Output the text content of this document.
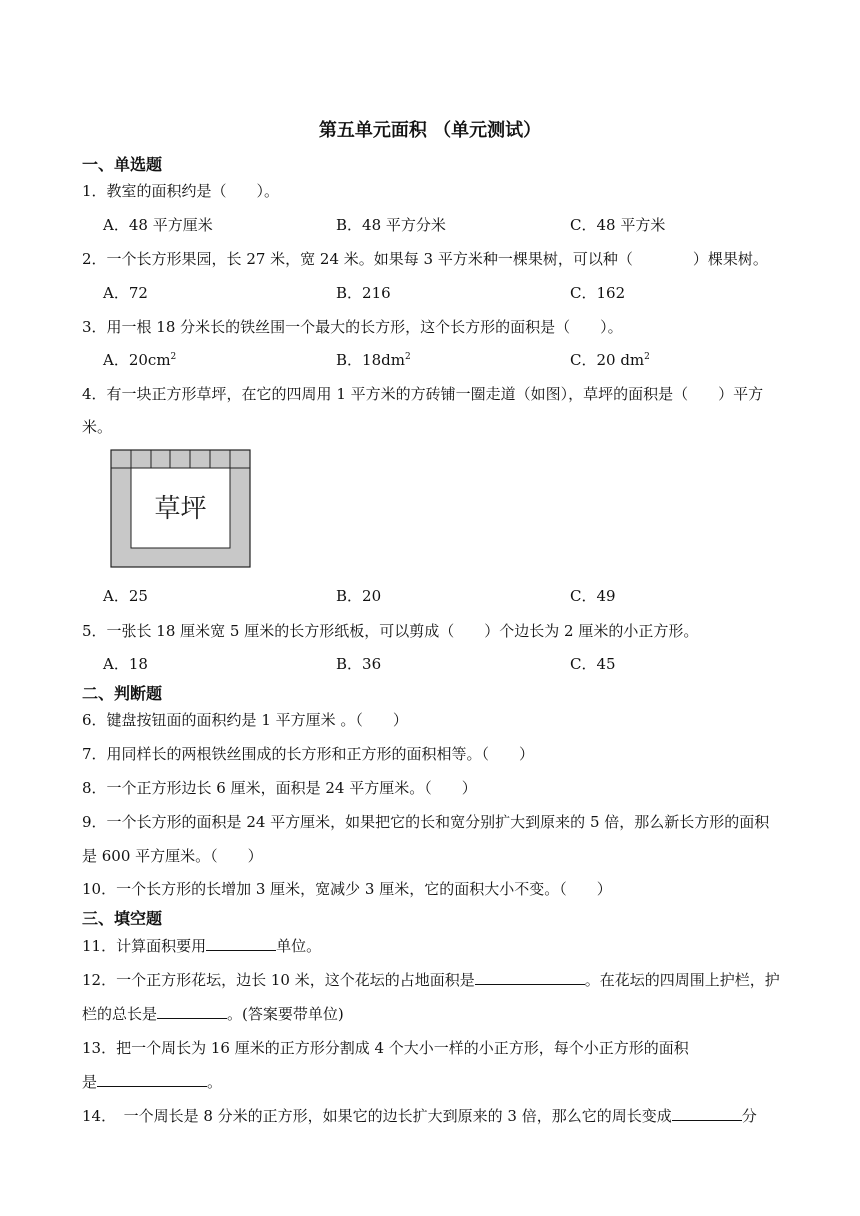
第五单元面积 （单元测试）
一、单选题
1．教室的面积约是（　　）。
A．48 平方厘米	B．48 平方分米	C．48 平方米
2．一个长方形果园，长 27 米，宽 24 米。如果每 3 平方米种一棵果树，可以种（　　　　）棵果树。
A．72	B．216	C．162
3．用一根 18 分米长的铁丝围一个最大的长方形，这个长方形的面积是（　　）。
A．$20cm^2$	B．$18dm^2$	C．20 $dm^2$
4．有一块正方形草坪，在它的四周用 1 平方米的方砖铺一圈走道（如图），草坪的面积是（　　）平方
米。
草坪
A．25	B．20	C．49
5．一张长 18 厘米宽 5 厘米的长方形纸板，可以剪成（　　）个边长为 2 厘米的小正方形。
A．18	B．36	C．45
二、判断题
6．键盘按钮面的面积约是 1 平方厘米 。（　　）
7．用同样长的两根铁丝围成的长方形和正方形的面积相等。（　　）
8．一个正方形边长 6 厘米，面积是 24 平方厘米。（　　）
9．一个长方形的面积是 24 平方厘米，如果把它的长和宽分别扩大到原来的 5 倍，那么新长方形的面积
是 600 平方厘米。（　　）
10．一个长方形的长增加 3 厘米，宽减少 3 厘米，它的面积大小不变。（　　）
三、填空题
11．计算面积要用	单位。
12．一个正方形花坛，边长 10 米，这个花坛的占地面积是	。在花坛的四周围上护栏，护
栏的总长是	。(答案要带单位)
13．把一个周长为 16 厘米的正方形分割成 4 个大小一样的小正方形，每个小正方形的面积
是	。
14．　一个周长是 8 分米的正方形，如果它的边长扩大到原来的 3 倍，那么它的周长变成	分
